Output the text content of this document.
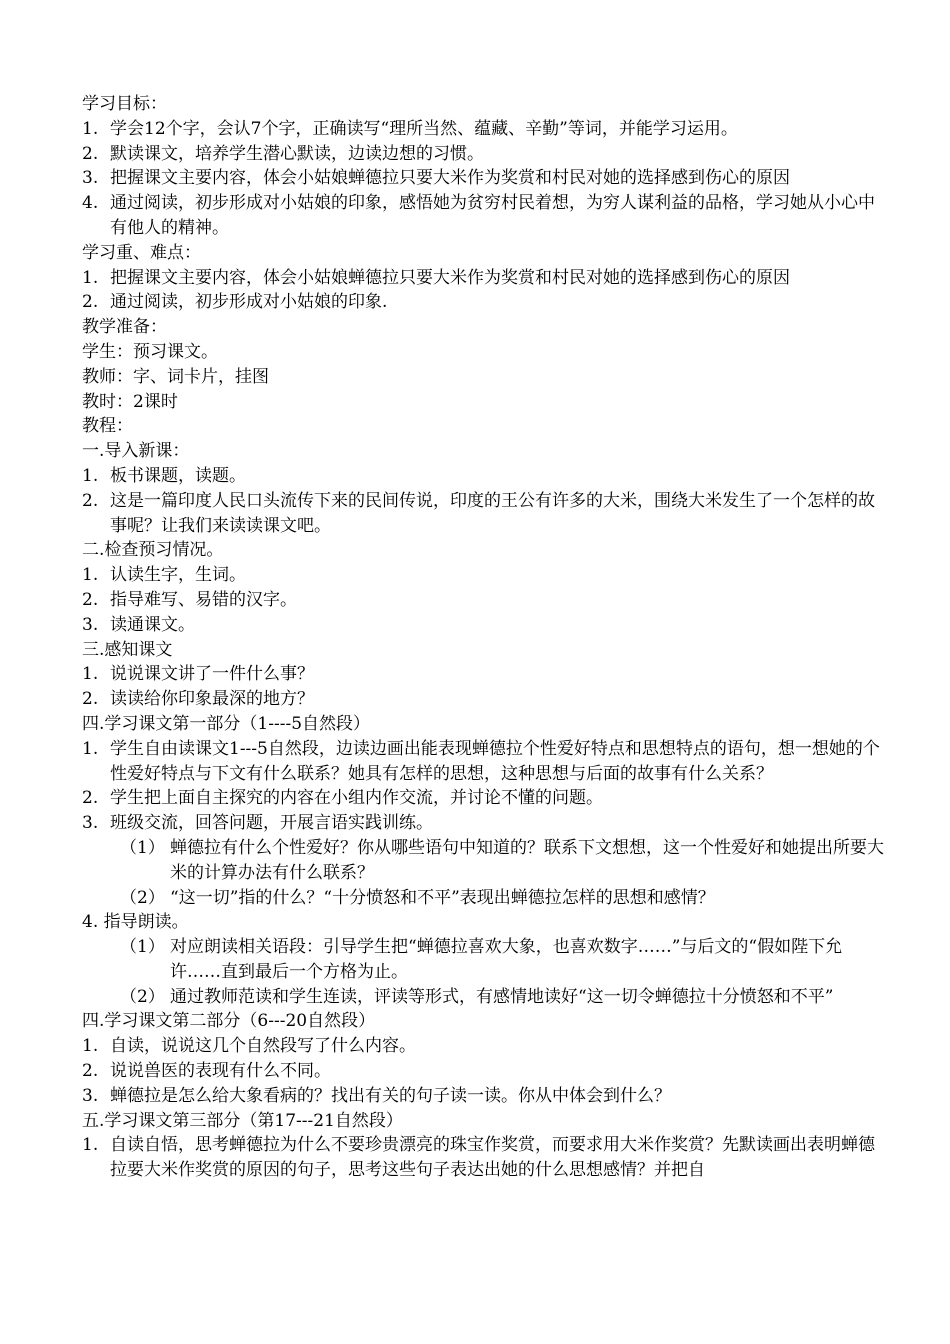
学习目标：
1. 学会12个字，会认7个字，正确读写“理所当然、蕴藏、辛勤”等词，并能学习运用。
2. 默读课文，培养学生潜心默读，边读边想的习惯。
3. 把握课文主要内容，体会小姑娘蝉德拉只要大米作为奖赏和村民对她的选择感到伤心的原因
4. 通过阅读，初步形成对小姑娘的印象，感悟她为贫穷村民着想，为穷人谋利益的品格，学习她从小心中有他人的精神。
学习重、难点：
1. 把握课文主要内容，体会小姑娘蝉德拉只要大米作为奖赏和村民对她的选择感到伤心的原因
2. 通过阅读，初步形成对小姑娘的印象.
教学准备：
学生：预习课文。
教师：字、词卡片，挂图
教时：2课时
教程：
一.导入新课：
1. 板书课题，读题。
2. 这是一篇印度人民口头流传下来的民间传说，印度的王公有许多的大米，围绕大米发生了一个怎样的故事呢？让我们来读读课文吧。
二.检查预习情况。
1. 认读生字，生词。
2. 指导难写、易错的汉字。
3. 读通课文。
三.感知课文
1. 说说课文讲了一件什么事？
2. 读读给你印象最深的地方？
四.学习课文第一部分（1----5自然段）
1. 学生自由读课文1---5自然段，边读边画出能表现蝉德拉个性爱好特点和思想特点的语句，想一想她的个性爱好特点与下文有什么联系？她具有怎样的思想，这种思想与后面的故事有什么关系？
2. 学生把上面自主探究的内容在小组内作交流，并讨论不懂的问题。
3. 班级交流，回答问题，开展言语实践训练。
（1） 蝉德拉有什么个性爱好？你从哪些语句中知道的？联系下文想想，这一个性爱好和她提出所要大米的计算办法有什么联系？
（2） “这一切”指的什么？“十分愤怒和不平”表现出蝉德拉怎样的思想和感情？
4. 指导朗读。
（1） 对应朗读相关语段：引导学生把“蝉德拉喜欢大象，也喜欢数字……”与后文的“假如陛下允许……直到最后一个方格为止。
（2） 通过教师范读和学生连读，评读等形式，有感情地读好“这一切令蝉德拉十分愤怒和不平”
四.学习课文第二部分（6---20自然段）
1. 自读，说说这几个自然段写了什么内容。
2. 说说兽医的表现有什么不同。
3. 蝉德拉是怎么给大象看病的？找出有关的句子读一读。你从中体会到什么？
五.学习课文第三部分（第17---21自然段）
1. 自读自悟，思考蝉德拉为什么不要珍贵漂亮的珠宝作奖赏，而要求用大米作奖赏？先默读画出表明蝉德拉要大米作奖赏的原因的句子，思考这些句子表达出她的什么思想感情？并把自
